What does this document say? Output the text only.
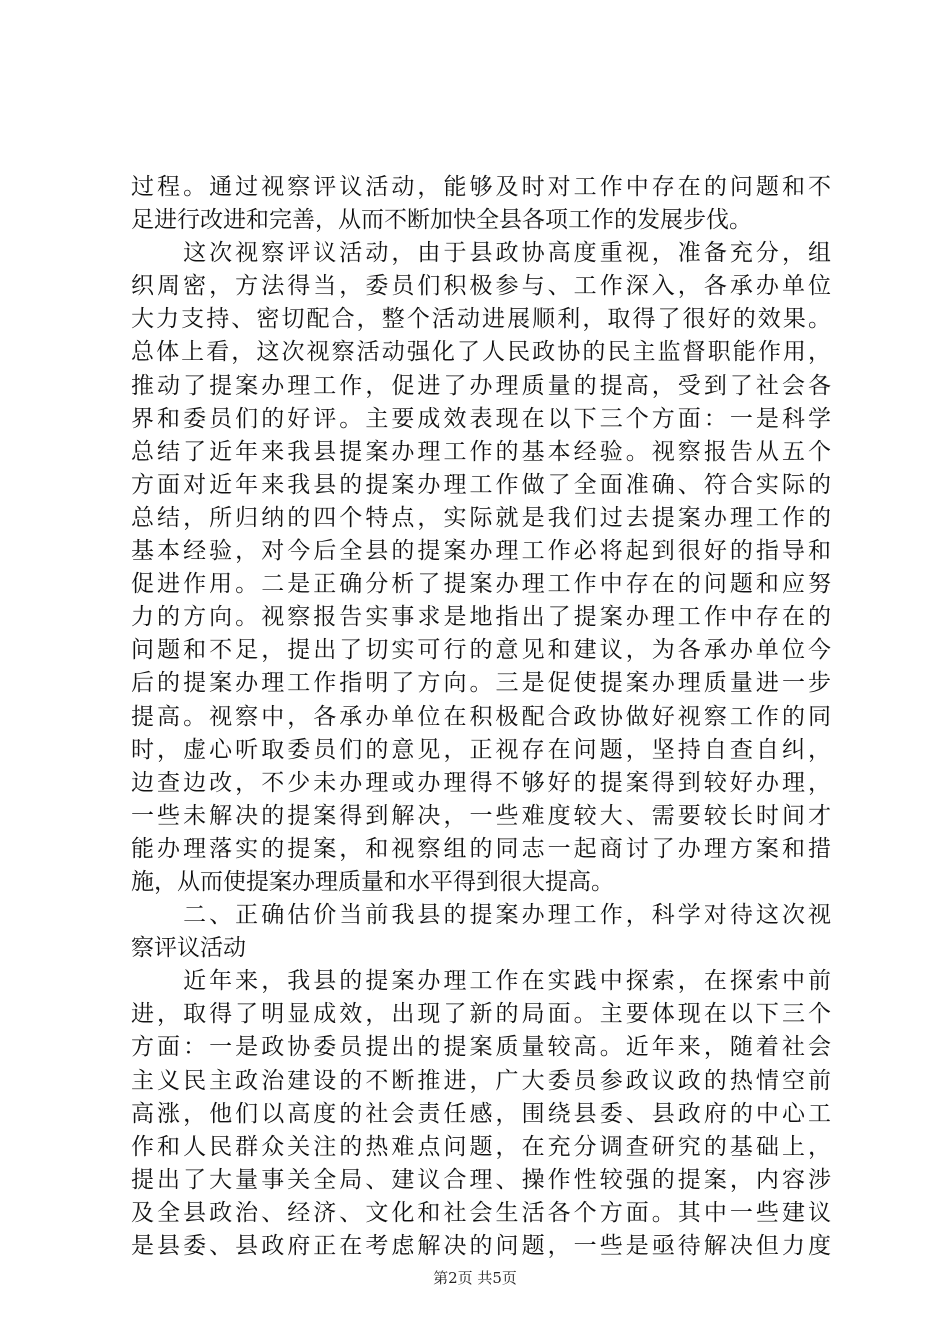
过程。通过视察评议活动，能够及时对工作中存在的问题和不
足进行改进和完善，从而不断加快全县各项工作的发展步伐。
　　这次视察评议活动，由于县政协高度重视，准备充分，组
织周密，方法得当，委员们积极参与、工作深入，各承办单位
大力支持、密切配合，整个活动进展顺利，取得了很好的效果。
总体上看，这次视察活动强化了人民政协的民主监督职能作用，
推动了提案办理工作，促进了办理质量的提高，受到了社会各
界和委员们的好评。主要成效表现在以下三个方面：一是科学
总结了近年来我县提案办理工作的基本经验。视察报告从五个
方面对近年来我县的提案办理工作做了全面准确、符合实际的
总结，所归纳的四个特点，实际就是我们过去提案办理工作的
基本经验，对今后全县的提案办理工作必将起到很好的指导和
促进作用。二是正确分析了提案办理工作中存在的问题和应努
力的方向。视察报告实事求是地指出了提案办理工作中存在的
问题和不足，提出了切实可行的意见和建议，为各承办单位今
后的提案办理工作指明了方向。三是促使提案办理质量进一步
提高。视察中，各承办单位在积极配合政协做好视察工作的同
时，虚心听取委员们的意见，正视存在问题，坚持自查自纠，
边查边改，不少未办理或办理得不够好的提案得到较好办理，
一些未解决的提案得到解决，一些难度较大、需要较长时间才
能办理落实的提案，和视察组的同志一起商讨了办理方案和措
施，从而使提案办理质量和水平得到很大提高。
　　二、正确估价当前我县的提案办理工作，科学对待这次视
察评议活动
　　近年来，我县的提案办理工作在实践中探索，在探索中前
进，取得了明显成效，出现了新的局面。主要体现在以下三个
方面：一是政协委员提出的提案质量较高。近年来，随着社会
主义民主政治建设的不断推进，广大委员参政议政的热情空前
高涨，他们以高度的社会责任感，围绕县委、县政府的中心工
作和人民群众关注的热难点问题，在充分调查研究的基础上，
提出了大量事关全局、建议合理、操作性较强的提案，内容涉
及全县政治、经济、文化和社会生活各个方面。其中一些建议
是县委、县政府正在考虑解决的问题，一些是亟待解决但力度
第2页 共5页
